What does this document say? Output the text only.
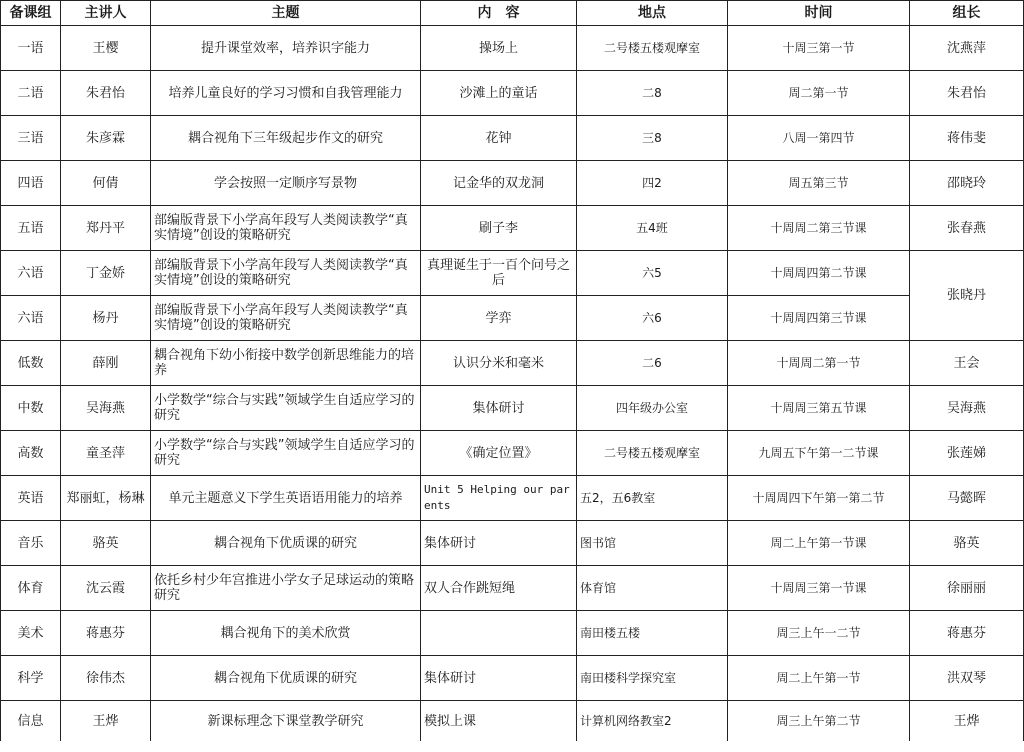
备课组	主讲人	主题	内　容	地点	时间	组长
一语	王樱	提升课堂效率，培养识字能力	操场上	二号楼五楼观摩室	十周三第一节	沈燕萍
二语	朱君怡	培养儿童良好的学习习惯和自我管理能力	沙滩上的童话	二8	周二第一节	朱君怡
三语	朱彦霖	耦合视角下三年级起步作文的研究	花钟	三8	八周一第四节	蒋伟斐
四语	何倩	学会按照一定顺序写景物	记金华的双龙洞	四2	周五第三节	邵晓玲
五语	郑丹平	部编版背景下小学高年段写人类阅读教学“真实情境”创设的策略研究	刷子李	五4班	十周周二第三节课	张春燕
六语	丁金娇	部编版背景下小学高年段写人类阅读教学“真实情境”创设的策略研究	真理诞生于一百个问号之后	六5	十周周四第二节课	张晓丹
六语	杨丹	部编版背景下小学高年段写人类阅读教学“真实情境”创设的策略研究	学弈	六6	十周周四第三节课	
低数	薛刚	耦合视角下幼小衔接中数学创新思维能力的培养	认识分米和毫米	二6	十周周二第一节	王会
中数	吴海燕	小学数学“综合与实践”领域学生自适应学习的研究	集体研讨	四年级办公室	十周周三第五节课	吴海燕
高数	童圣萍	小学数学“综合与实践”领域学生自适应学习的研究	《确定位置》	二号楼五楼观摩室	九周五下午第一二节课	张莲娣
英语	郑丽虹，杨琳	单元主题意义下学生英语语用能力的培养	Unit 5 Helping our parents	五2，五6教室	十周周四下午第一第二节	马懿晖
音乐	骆英	耦合视角下优质课的研究	集体研讨	图书馆	周二上午第一节课	骆英
体育	沈云霞	依托乡村少年宫推进小学女子足球运动的策略研究	双人合作跳短绳	体育馆	十周周三第一节课	徐丽丽
美术	蒋惠芬	耦合视角下的美术欣赏		南田楼五楼	周三上午一二节	蒋惠芬
科学	徐伟杰	耦合视角下优质课的研究	集体研讨	南田楼科学探究室	周二上午第一节	洪双琴
信息	王烨	新课标理念下课堂教学研究	模拟上课	计算机网络教室2	周三上午第二节	王烨
